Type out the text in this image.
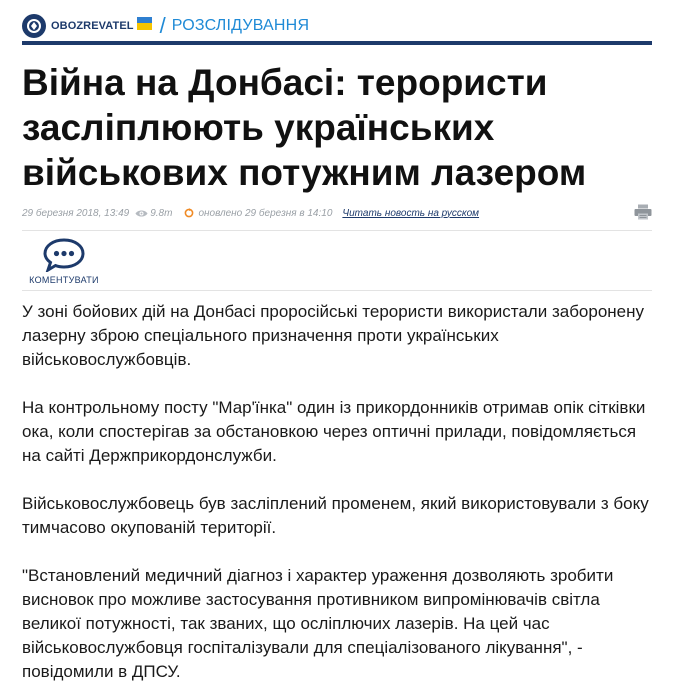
OBOZREVATEL / РОЗСЛІДУВАННЯ
Війна на Донбасі: терористи засліплюють українських військових потужним лазером
29 березня 2018, 13:49 9.8т	оновлено 29 березня в 14:10 Читать новость на русском
КОМЕНТУВАТИ

У зоні бойових дій на Донбасі проросійські терористи використали заборонену лазерну зброю спеціального призначення проти українських військовослужбовців.

На контрольному посту "Мар'їнка" один із прикордонників отримав опік сітківки ока, коли спостерігав за обстановкою через оптичні прилади, повідомляється на сайті Держприкордонслужби.

Військовослужбовець був засліплений променем, який використовували з боку тимчасово окупованій території.

"Встановлений медичний діагноз і характер ураження дозволяють зробити висновок про можливе застосування противником випромінювачів світла великої потужності, так званих, що осліплючих лазерів. На цей час військовослужбовця госпіталізували для спеціалізованого лікування", - повідомили в ДПСУ.
